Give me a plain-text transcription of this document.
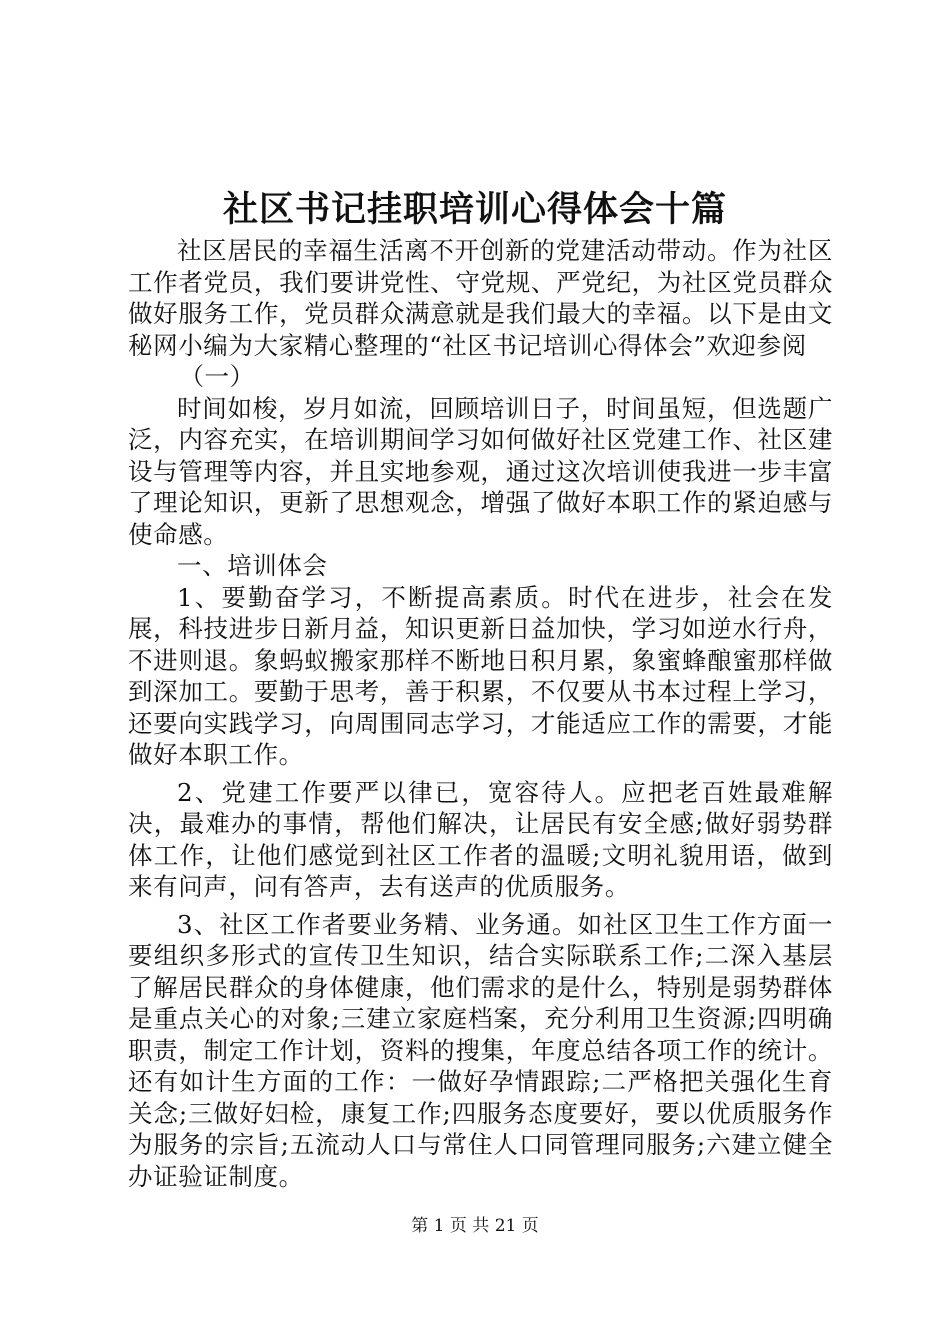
社区书记挂职培训心得体会十篇

社区居民的幸福生活离不开创新的党建活动带动。作为社区工作者党员，我们要讲党性、守党规、严党纪，为社区党员群众做好服务工作，党员群众满意就是我们最大的幸福。以下是由文秘网小编为大家精心整理的“社区书记培训心得体会”欢迎参阅

（一）

时间如梭，岁月如流，回顾培训日子，时间虽短，但选题广泛，内容充实，在培训期间学习如何做好社区党建工作、社区建设与管理等内容，并且实地参观，通过这次培训使我进一步丰富了理论知识，更新了思想观念，增强了做好本职工作的紧迫感与使命感。

一、培训体会

1、要勤奋学习，不断提高素质。时代在进步，社会在发展，科技进步日新月益，知识更新日益加快，学习如逆水行舟，不进则退。象蚂蚁搬家那样不断地日积月累，象蜜蜂酿蜜那样做到深加工。要勤于思考，善于积累，不仅要从书本过程上学习，还要向实践学习，向周围同志学习，才能适应工作的需要，才能做好本职工作。

2、党建工作要严以律已，宽容待人。应把老百姓最难解决，最难办的事情，帮他们解决，让居民有安全感;做好弱势群体工作，让他们感觉到社区工作者的温暖;文明礼貌用语，做到来有问声，问有答声，去有送声的优质服务。

3、社区工作者要业务精、业务通。如社区卫生工作方面一要组织多形式的宣传卫生知识，结合实际联系工作;二深入基层了解居民群众的身体健康，他们需求的是什么，特别是弱势群体是重点关心的对象;三建立家庭档案，充分利用卫生资源;四明确职责，制定工作计划，资料的搜集，年度总结各项工作的统计。还有如计生方面的工作：一做好孕情跟踪;二严格把关强化生育关念;三做好妇检，康复工作;四服务态度要好，要以优质服务作为服务的宗旨;五流动人口与常住人口同管理同服务;六建立健全办证验证制度。

第 1 页 共 21 页
